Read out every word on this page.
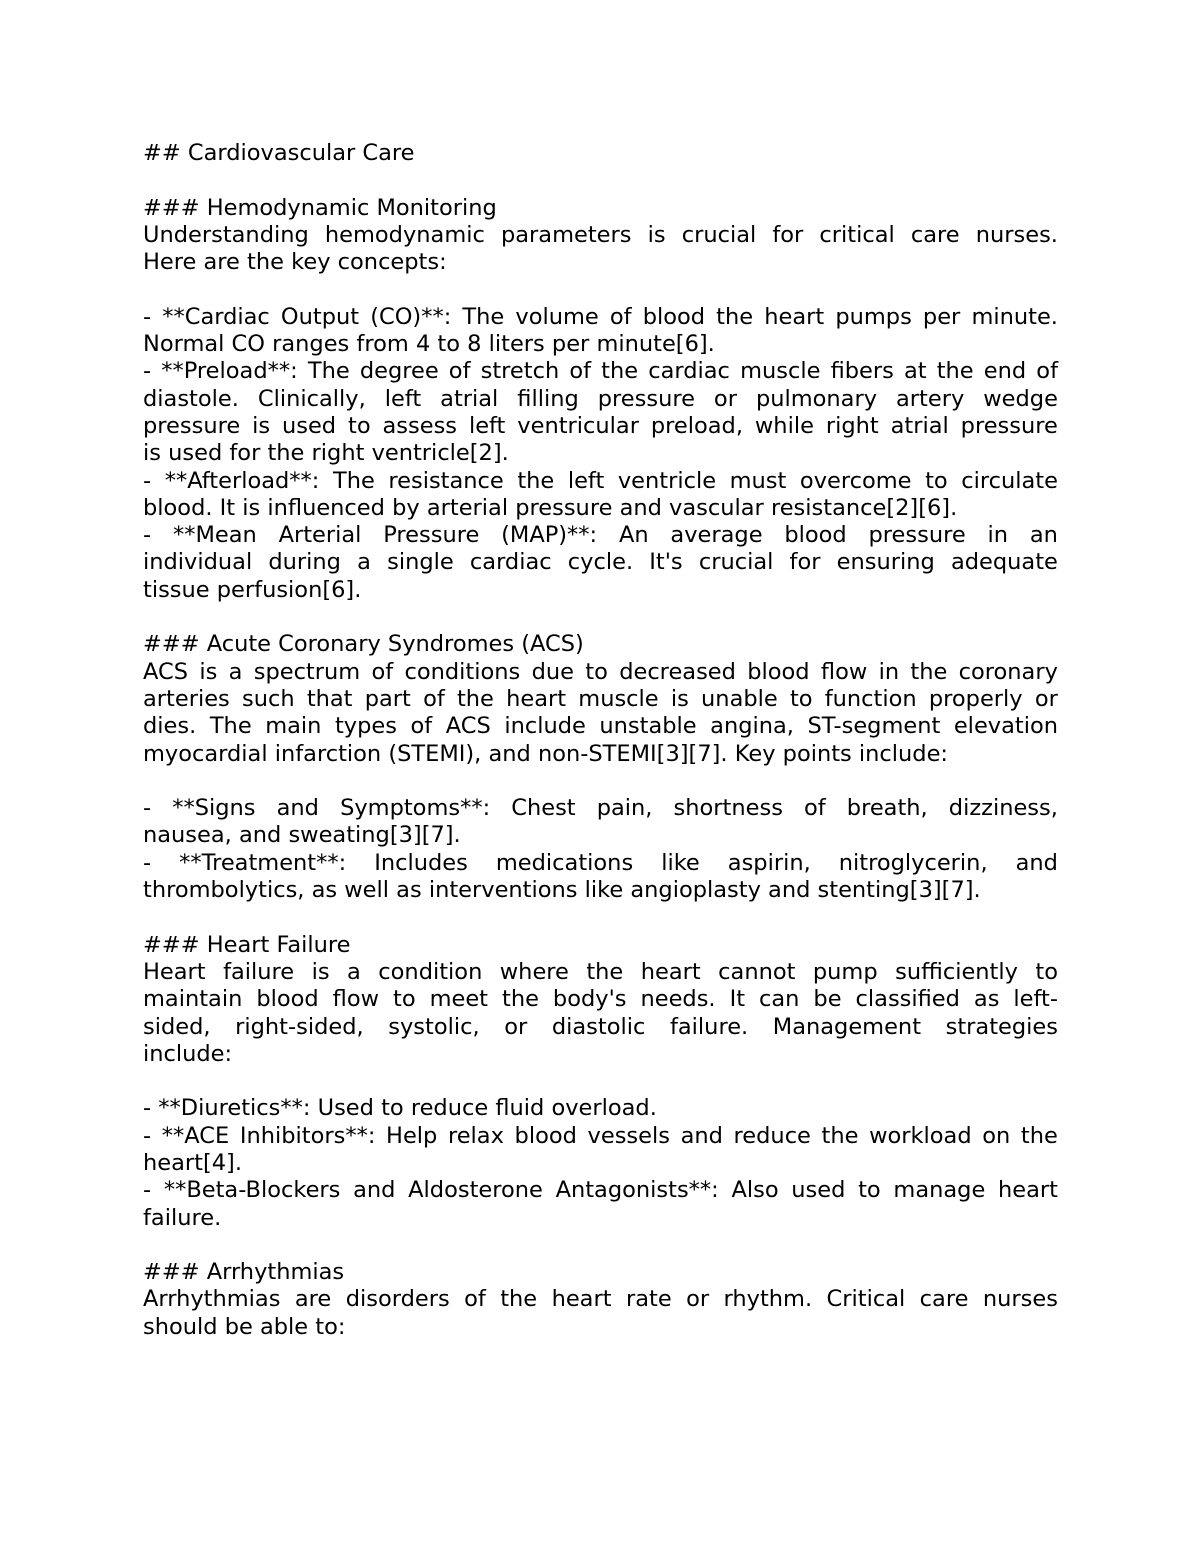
## Cardiovascular Care
### Hemodynamic Monitoring
Understanding hemodynamic parameters is crucial for critical care nurses.
Here are the key concepts:
- **Cardiac Output (CO)**: The volume of blood the heart pumps per minute.
Normal CO ranges from 4 to 8 liters per minute[6].
- **Preload**: The degree of stretch of the cardiac muscle fibers at the end of
diastole. Clinically, left atrial filling pressure or pulmonary artery wedge
pressure is used to assess left ventricular preload, while right atrial pressure
is used for the right ventricle[2].
- **Afterload**: The resistance the left ventricle must overcome to circulate
blood. It is influenced by arterial pressure and vascular resistance[2][6].
- **Mean Arterial Pressure (MAP)**: An average blood pressure in an
individual during a single cardiac cycle. It's crucial for ensuring adequate
tissue perfusion[6].
### Acute Coronary Syndromes (ACS)
ACS is a spectrum of conditions due to decreased blood flow in the coronary
arteries such that part of the heart muscle is unable to function properly or
dies. The main types of ACS include unstable angina, ST-segment elevation
myocardial infarction (STEMI), and non-STEMI[3][7]. Key points include:
- **Signs and Symptoms**: Chest pain, shortness of breath, dizziness,
nausea, and sweating[3][7].
- **Treatment**: Includes medications like aspirin, nitroglycerin, and
thrombolytics, as well as interventions like angioplasty and stenting[3][7].
### Heart Failure
Heart failure is a condition where the heart cannot pump sufficiently to
maintain blood flow to meet the body's needs. It can be classified as left-
sided, right-sided, systolic, or diastolic failure. Management strategies
include:
- **Diuretics**: Used to reduce fluid overload.
- **ACE Inhibitors**: Help relax blood vessels and reduce the workload on the
heart[4].
- **Beta-Blockers and Aldosterone Antagonists**: Also used to manage heart
failure.
### Arrhythmias
Arrhythmias are disorders of the heart rate or rhythm. Critical care nurses
should be able to:
